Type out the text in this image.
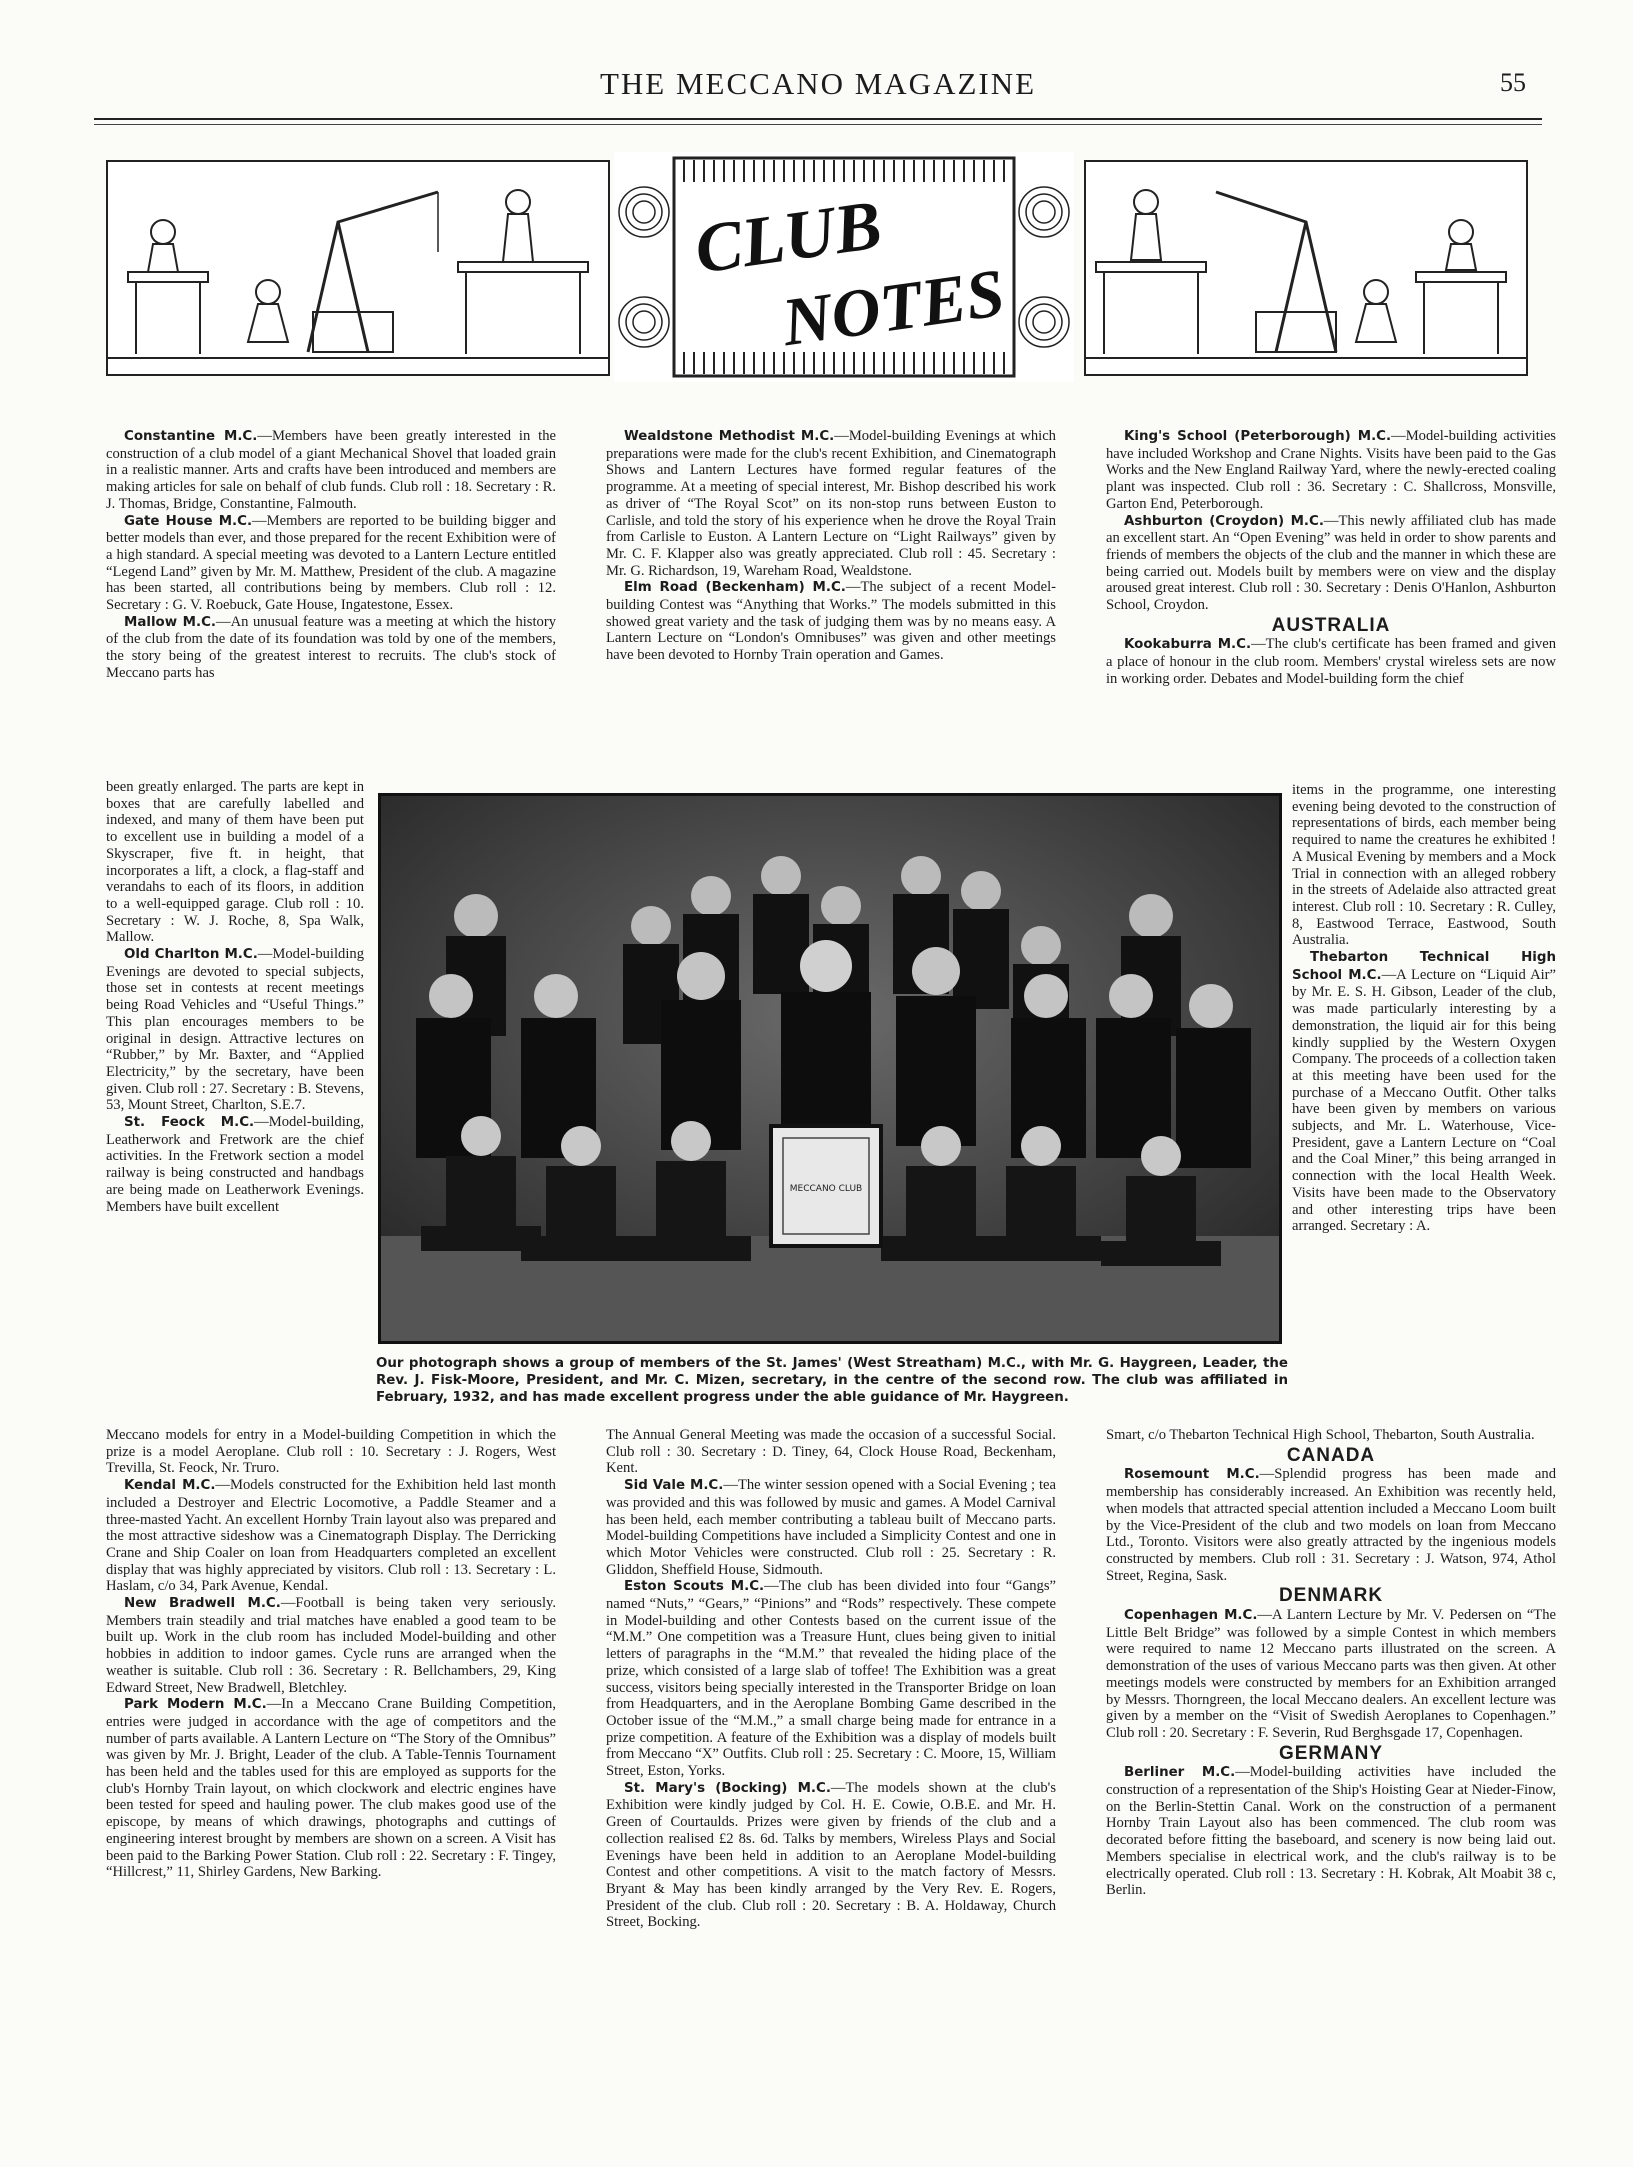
THE MECCANO MAGAZINE	55
CLUB
NOTES

Constantine M.C.—Members have been greatly interested in the construction of a club model of a giant Mechanical Shovel that loaded grain in a realistic manner. Arts and crafts have been introduced and members are making articles for sale on behalf of club funds. Club roll : 18. Secretary : R. J. Thomas, Bridge, Constantine, Falmouth.

Gate House M.C.—Members are reported to be building bigger and better models than ever, and those prepared for the recent Exhibition were of a high standard. A special meeting was devoted to a Lantern Lecture entitled “Legend Land” given by Mr. M. Matthew, President of the club. A magazine has been started, all contributions being by members. Club roll : 12. Secretary : G. V. Roebuck, Gate House, Ingatestone, Essex.

Mallow M.C.—An unusual feature was a meeting at which the history of the club from the date of its foundation was told by one of the members, the story being of the greatest interest to recruits. The club's stock of Meccano parts has

been greatly enlarged. The parts are kept in boxes that are carefully labelled and indexed, and many of them have been put to excellent use in building a model of a Skyscraper, five ft. in height, that incorporates a lift, a clock, a flag-staff and verandahs to each of its floors, in addition to a well-equipped garage. Club roll : 10. Secretary : W. J. Roche, 8, Spa Walk, Mallow.

Old Charlton M.C.—Model-building Evenings are devoted to special subjects, those set in contests at recent meetings being Road Vehicles and “Useful Things.” This plan encourages members to be original in design. Attractive lectures on “Rubber,” by Mr. Baxter, and “Applied Electricity,” by the secretary, have been given. Club roll : 27. Secretary : B. Stevens, 53, Mount Street, Charlton, S.E.7.

St. Feock M.C.—Model-building, Leatherwork and Fretwork are the chief activities. In the Fretwork section a model railway is being constructed and handbags are being made on Leatherwork Evenings. Members have built excellent

Meccano models for entry in a Model-building Competition in which the prize is a model Aeroplane. Club roll : 10. Secretary : J. Rogers, West Trevilla, St. Feock, Nr. Truro.

Kendal M.C.—Models constructed for the Exhibition held last month included a Destroyer and Electric Locomotive, a Paddle Steamer and a three-masted Yacht. An excellent Hornby Train layout also was prepared and the most attractive sideshow was a Cinematograph Display. The Derricking Crane and Ship Coaler on loan from Headquarters completed an excellent display that was highly appreciated by visitors. Club roll : 13. Secretary : L. Haslam, c/o 34, Park Avenue, Kendal.

New Bradwell M.C.—Football is being taken very seriously. Members train steadily and trial matches have enabled a good team to be built up. Work in the club room has included Model-building and other hobbies in addition to indoor games. Cycle runs are arranged when the weather is suitable. Club roll : 36. Secretary : R. Bellchambers, 29, King Edward Street, New Bradwell, Bletchley.

Park Modern M.C.—In a Meccano Crane Building Competition, entries were judged in accordance with the age of competitors and the number of parts available. A Lantern Lecture on “The Story of the Omnibus” was given by Mr. J. Bright, Leader of the club. A Table-Tennis Tournament has been held and the tables used for this are employed as supports for the club's Hornby Train layout, on which clockwork and electric engines have been tested for speed and hauling power. The club makes good use of the episcope, by means of which drawings, photographs and cuttings of engineering interest brought by members are shown on a screen. A Visit has been paid to the Barking Power Station. Club roll : 22. Secretary : F. Tingey, “Hillcrest,” 11, Shirley Gardens, New Barking.

Wealdstone Methodist M.C.—Model-building Evenings at which preparations were made for the club's recent Exhibition, and Cinematograph Shows and Lantern Lectures have formed regular features of the programme. At a meeting of special interest, Mr. Bishop described his work as driver of “The Royal Scot” on its non-stop runs between Euston to Carlisle, and told the story of his experience when he drove the Royal Train from Carlisle to Euston. A Lantern Lecture on “Light Railways” given by Mr. C. F. Klapper also was greatly appreciated. Club roll : 45. Secretary : Mr. G. Richardson, 19, Wareham Road, Wealdstone.

Elm Road (Beckenham) M.C.—The subject of a recent Model-building Contest was “Anything that Works.” The models submitted in this showed great variety and the task of judging them was by no means easy. A Lantern Lecture on “London's Omnibuses” was given and other meetings have been devoted to Hornby Train operation and Games.

The Annual General Meeting was made the occasion of a successful Social. Club roll : 30. Secretary : D. Tiney, 64, Clock House Road, Beckenham, Kent.

Sid Vale M.C.—The winter session opened with a Social Evening ; tea was provided and this was followed by music and games. A Model Carnival has been held, each member contributing a tableau built of Meccano parts. Model-building Competitions have included a Simplicity Contest and one in which Motor Vehicles were constructed. Club roll : 25. Secretary : R. Gliddon, Sheffield House, Sidmouth.

Eston Scouts M.C.—The club has been divided into four “Gangs” named “Nuts,” “Gears,” “Pinions” and “Rods” respectively. These compete in Model-building and other Contests based on the current issue of the “M.M.” One competition was a Treasure Hunt, clues being given to initial letters of paragraphs in the “M.M.” that revealed the hiding place of the prize, which consisted of a large slab of toffee! The Exhibition was a great success, visitors being specially interested in the Transporter Bridge on loan from Headquarters, and in the Aeroplane Bombing Game described in the October issue of the “M.M.,” a small charge being made for entrance in a prize competition. A feature of the Exhibition was a display of models built from Meccano “X” Outfits. Club roll : 25. Secretary : C. Moore, 15, William Street, Eston, Yorks.

St. Mary's (Bocking) M.C.—The models shown at the club's Exhibition were kindly judged by Col. H. E. Cowie, O.B.E. and Mr. H. Green of Courtaulds. Prizes were given by friends of the club and a collection realised £2 8s. 6d. Talks by members, Wireless Plays and Social Evenings have been held in addition to an Aeroplane Model-building Contest and other competitions. A visit to the match factory of Messrs. Bryant & May has been kindly arranged by the Very Rev. E. Rogers, President of the club. Club roll : 20. Secretary : B. A. Holdaway, Church Street, Bocking.

King's School (Peterborough) M.C.—Model-building activities have included Workshop and Crane Nights. Visits have been paid to the Gas Works and the New England Railway Yard, where the newly-erected coaling plant was inspected. Club roll : 36. Secretary : C. Shallcross, Monsville, Garton End, Peterborough.

Ashburton (Croydon) M.C.—This newly affiliated club has made an excellent start. An “Open Evening” was held in order to show parents and friends of members the objects of the club and the manner in which these are being carried out. Models built by members were on view and the display aroused great interest. Club roll : 30. Secretary : Denis O'Hanlon, Ashburton School, Croydon.

AUSTRALIA

Kookaburra M.C.—The club's certificate has been framed and given a place of honour in the club room. Members' crystal wireless sets are now in working order. Debates and Model-building form the chief

items in the programme, one interesting evening being devoted to the construction of representations of birds, each member being required to name the creatures he exhibited ! A Musical Evening by members and a Mock Trial in connection with an alleged robbery in the streets of Adelaide also attracted great interest. Club roll : 10. Secretary : R. Culley, 8, Eastwood Terrace, Eastwood, South Australia.

Thebarton Technical High School M.C.—A Lecture on “Liquid Air” by Mr. E. S. H. Gibson, Leader of the club, was made particularly interesting by a demonstration, the liquid air for this being kindly supplied by the Western Oxygen Company. The proceeds of a collection taken at this meeting have been used for the purchase of a Meccano Outfit. Other talks have been given by members on various subjects, and Mr. L. Waterhouse, Vice-President, gave a Lantern Lecture on “Coal and the Coal Miner,” this being arranged in connection with the local Health Week. Visits have been made to the Observatory and other interesting trips have been arranged. Secretary : A.

Smart, c/o Thebarton Technical High School, Thebarton, South Australia.

CANADA

Rosemount M.C.—Splendid progress has been made and membership has considerably increased. An Exhibition was recently held, when models that attracted special attention included a Meccano Loom built by the Vice-President of the club and two models on loan from Meccano Ltd., Toronto. Visitors were also greatly attracted by the ingenious models constructed by members. Club roll : 31. Secretary : J. Watson, 974, Athol Street, Regina, Sask.

DENMARK

Copenhagen M.C.—A Lantern Lecture by Mr. V. Pedersen on “The Little Belt Bridge” was followed by a simple Contest in which members were required to name 12 Meccano parts illustrated on the screen. A demonstration of the uses of various Meccano parts was then given. At other meetings models were constructed by members for an Exhibition arranged by Messrs. Thorngreen, the local Meccano dealers. An excellent lecture was given by a member on the “Visit of Swedish Aeroplanes to Copenhagen.” Club roll : 20. Secretary : F. Severin, Rud Berghsgade 17, Copenhagen.

GERMANY

Berliner M.C.—Model-building activities have included the construction of a representation of the Ship's Hoisting Gear at Nieder-Finow, on the Berlin-Stettin Canal. Work on the construction of a permanent Hornby Train Layout also has been commenced. The club room was decorated before fitting the baseboard, and scenery is now being laid out. Members specialise in electrical work, and the club's railway is to be electrically operated. Club roll : 13. Secretary : H. Kobrak, Alt Moabit 38 c, Berlin.

MECCANO CLUB
Our photograph shows a group of members of the St. James' (West Streatham) M.C., with Mr. G. Haygreen, Leader, the Rev. J. Fisk-Moore, President, and Mr. C. Mizen, secretary, in the centre of the second row. The club was affiliated in February, 1932, and has made excellent progress under the able guidance of Mr. Haygreen.
